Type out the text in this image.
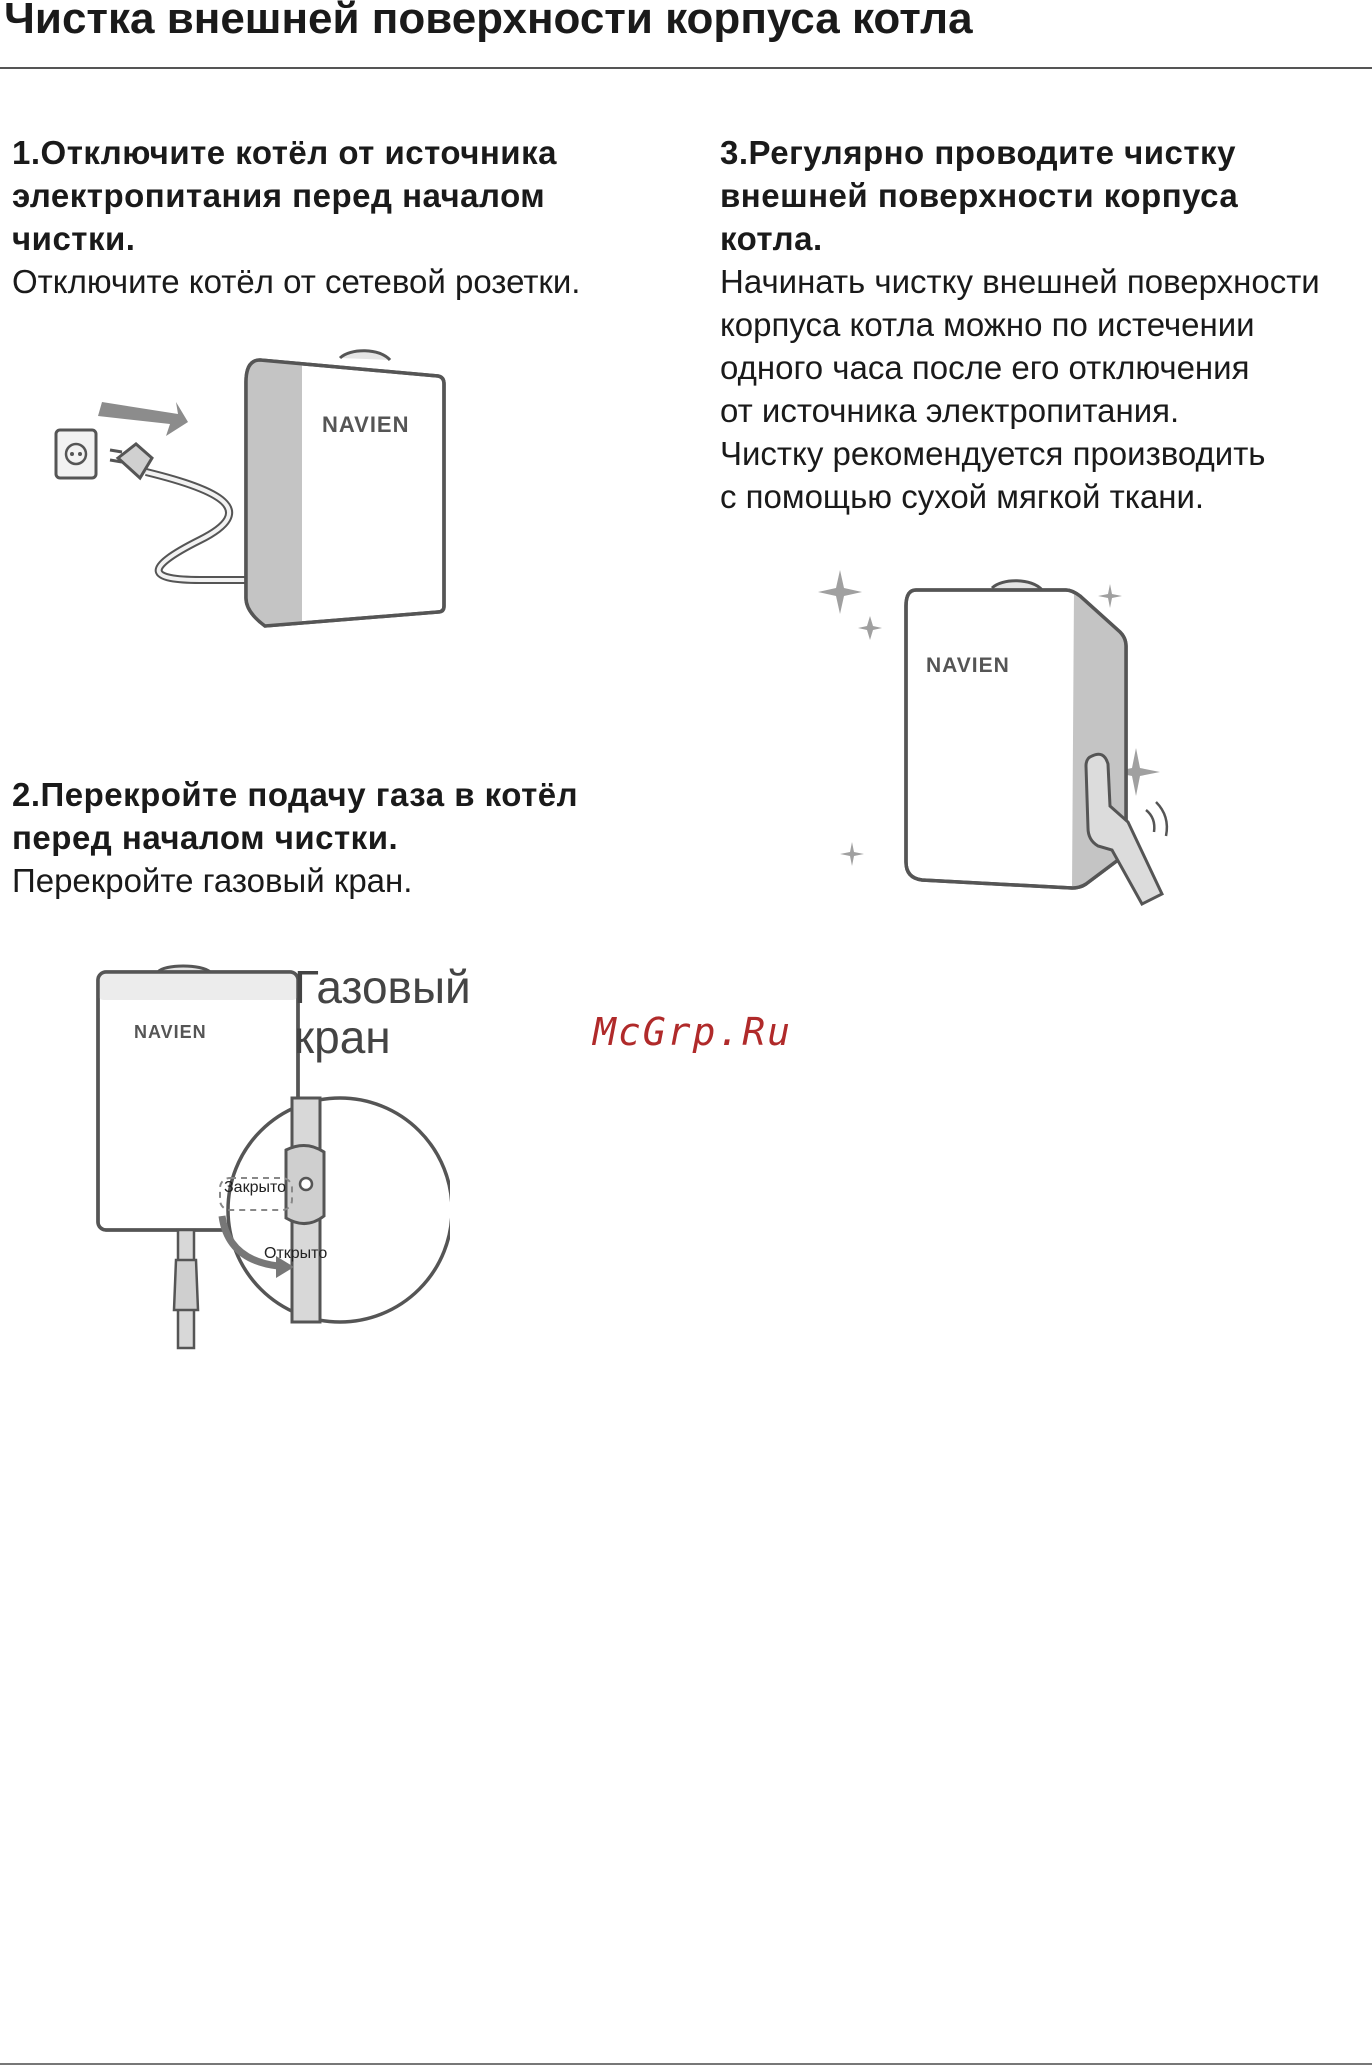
Чистка внешней поверхности корпуса котла

1.Отключите котёл от источника
электропитания перед началом
чистки.

Отключите котёл от сетевой розетки.

3.Регулярно проводите чистку
внешней поверхности корпуса
котла.

Начинать чистку внешней поверхности
корпуса котла можно по истечении
одного часа после его отключения
от источника электропитания.
Чистку рекомендуется производить
с помощью сухой мягкой ткани.

2.Перекройте подачу газа в котёл
перед началом чистки.

Перекройте газовый кран.

NAVIEN
NAVIEN
NAVIEN
Закрыто
Открыто

Газовый
кран	McGrp.Ru
